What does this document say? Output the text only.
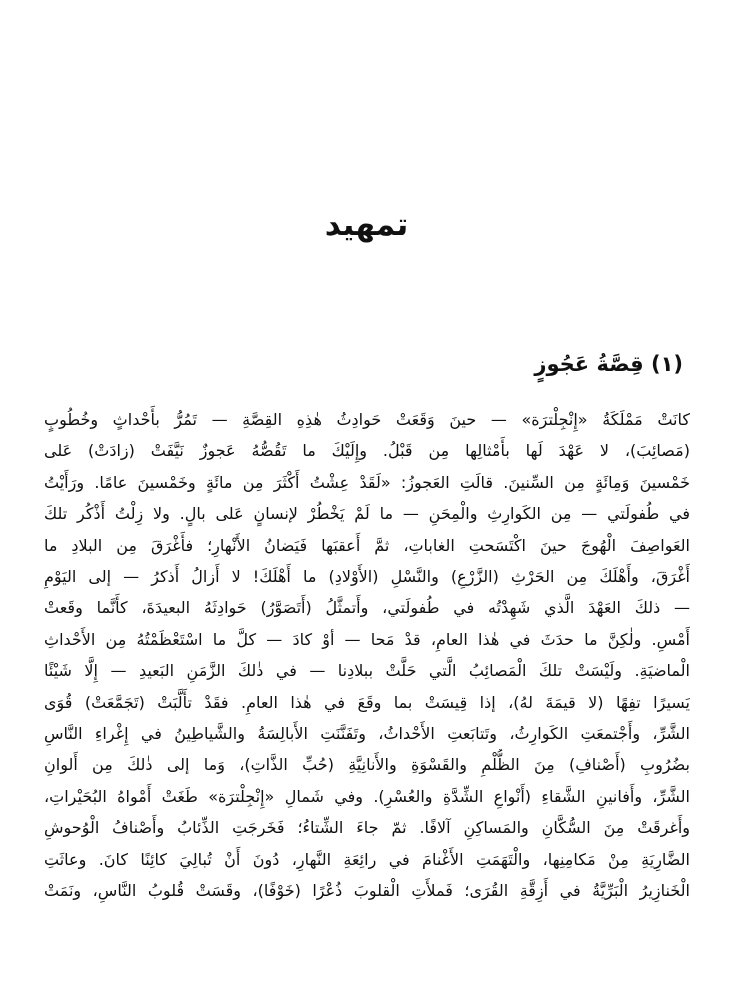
تمهيد
(١) قِصَّةُ عَجُوزٍ
كانَتْ مَمْلَكَةُ «إِنْجِلْترَة» — حينَ وَقَعَتْ حَوادِثُ هٰذِهِ القِصَّةِ — تَمُرُّ بأَحْداثٍ وخُطُوبٍ
(مَصائِبَ)، لا عَهْدَ لَها بأَمْثالِها مِن قَبْلُ. وإِلَيْكَ ما تَقُصُّهُ عَجوزٌ نَيَّفَتْ (زادَتْ) عَلى
خَمْسينَ وَمِائَةٍ مِن السِّنينَ. قالَتِ العَجوزُ: «لَقَدْ عِشْتُ أَكْثَرَ مِن مائَةٍ وخَمْسينَ عامًا. ورَأَيْتُ
في طُفولَتي — مِن الكَوارِثِ والْمِحَنِ — ما لَمْ يَخْطُرْ لإنسانٍ عَلى بالٍ. ولا زِلْتُ أَذْكُر تلكَ
العَواصِفَ الْهُوجَ حينَ اكْتَسَحتِ الغاباتِ، ثمَّ أَعقبَها فَيَضانُ الأَنْهارِ؛ فأَغْرَقَ مِن البلادِ ما
أَغْرَقَ، وأَهْلَكَ مِن الحَرْثِ (الزَّرْعِ) والنَّسْلِ (الأَوْلادِ) ما أَهْلَكَ! لا أَزالُ أَذكرُ — إلى اليَوْمِ
— ذلكَ العَهْدَ الَّذي شَهِدْتُه في طُفولَتي، وأَتمثَّلُ (أَتَصَوَّرُ) حَوادِثَهُ البعيدَةَ، كأَنَّما وقَعتْ
أَمْسِ. ولٰكِنَّ ما حدَثَ في هٰذا العامِ، قدْ مَحا — أوْ كادَ — كلَّ ما اسْتَعْظَمْتُهُ مِن الأَحْداثِ
الْماضيَةِ. ولَيْسَتْ تلكَ الْمَصائِبُ الَّتي حَلَّتْ ببلادِنا — في ذٰلكَ الزَّمَنِ البَعيدِ — إِلَّا شَيْئًا
يَسيرًا تفِهًا (لا قيمَةَ لهُ)، إذا قِيسَتْ بما وقَعَ في هٰذا العامِ. فقَدْ تأَلَّبَتْ (تَجَمَّعَتْ) قُوَى
الشَّرِّ، وأَجْتمعَتِ الكَوارِثُ، وتَتابَعتِ الأَحْداثُ، وتَفَنَّنَتِ الأَبالِسَةُ والشَّياطِينُ في إِغْراءِ النَّاسِ
بضُرُوبِ (أَصْنافِ) مِنَ الظُّلْمِ والقَسْوَةِ والأَنانِيَّةِ (حُبِّ الذَّاتِ)، وَما إلى ذٰلكَ مِن أَلوانِ
الشَّرِّ، وأَفانينِ الشَّقاءِ (أَنْواعِ الشِّدَّةِ والعُسْرِ). وفي شَمالِ «إِنْجِلْترَة» طَغَتْ أَمْواهُ البُحَيْراتِ،
وأَغرقَتْ مِنَ السُّكَّانِ والمَساكِنِ آلافًا. ثمّ جاءَ الشِّتاءُ؛ فَخَرجَتِ الذِّئابُ وأَصْنافُ الْوُحوشِ
الضَّارِيَةِ مِنْ مَكامِنِها، والْتَهَمَتِ الأَغْنامَ في رائِعَةِ النَّهارِ، دُونَ أَنْ تُبالِيَ كائِنًا كانَ. وعاثَتِ
الْخَنازِيرُ الْبَرِّيَّةُ في أَزِقَّةِ القُرَى؛ فَملأَتِ الْقلوبَ ذُعْرًا (خَوْفًا)، وقَسَتْ قُلوبُ النَّاسِ، ونَمَتْ
